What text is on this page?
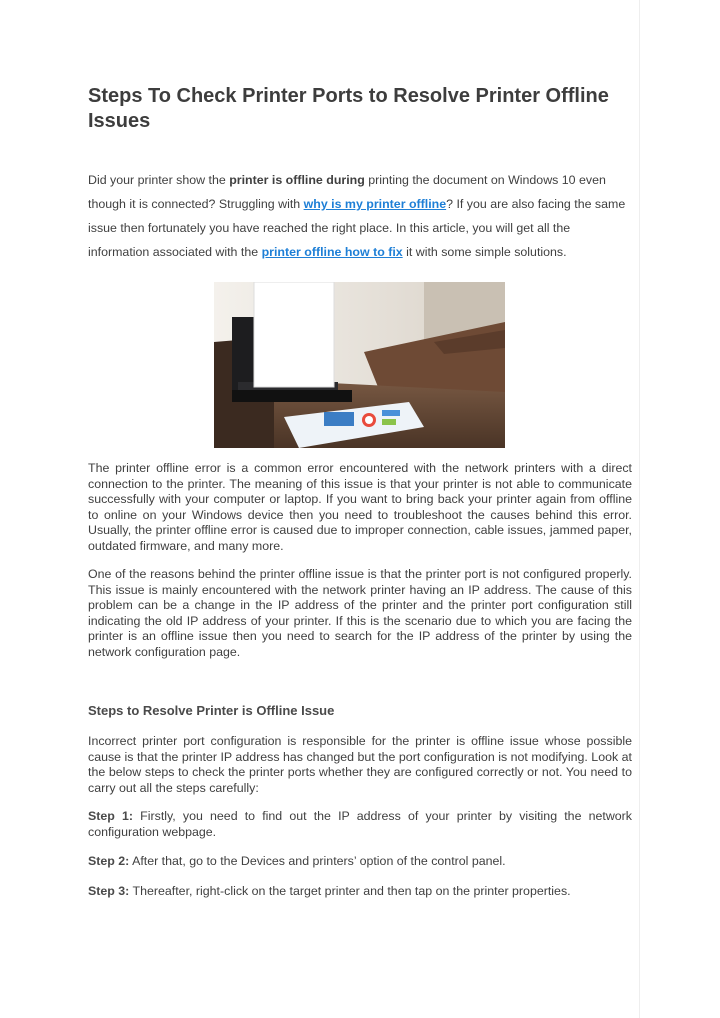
Steps To Check Printer Ports to Resolve Printer Offline Issues

Did your printer show the printer is offline during printing the document on Windows 10 even though it is connected? Struggling with why is my printer offline? If you are also facing the same issue then fortunately you have reached the right place. In this article, you will get all the information associated with the printer offline how to fix it with some simple solutions.

The printer offline error is a common error encountered with the network printers with a direct connection to the printer. The meaning of this issue is that your printer is not able to communicate successfully with your computer or laptop. If you want to bring back your printer again from offline to online on your Windows device then you need to troubleshoot the causes behind this error. Usually, the printer offline error is caused due to improper connection, cable issues, jammed paper, outdated firmware, and many more.

One of the reasons behind the printer offline issue is that the printer port is not configured properly. This issue is mainly encountered with the network printer having an IP address. The cause of this problem can be a change in the IP address of the printer and the printer port configuration still indicating the old IP address of your printer. If this is the scenario due to which you are facing the printer is an offline issue then you need to search for the IP address of the printer by using the network configuration page.

Steps to Resolve Printer is Offline Issue

Incorrect printer port configuration is responsible for the printer is offline issue whose possible cause is that the printer IP address has changed but the port configuration is not modifying. Look at the below steps to check the printer ports whether they are configured correctly or not. You need to carry out all the steps carefully:

Step 1: Firstly, you need to find out the IP address of your printer by visiting the network configuration webpage.

Step 2: After that, go to the Devices and printers’ option of the control panel.

Step 3: Thereafter, right-click on the target printer and then tap on the printer properties.
